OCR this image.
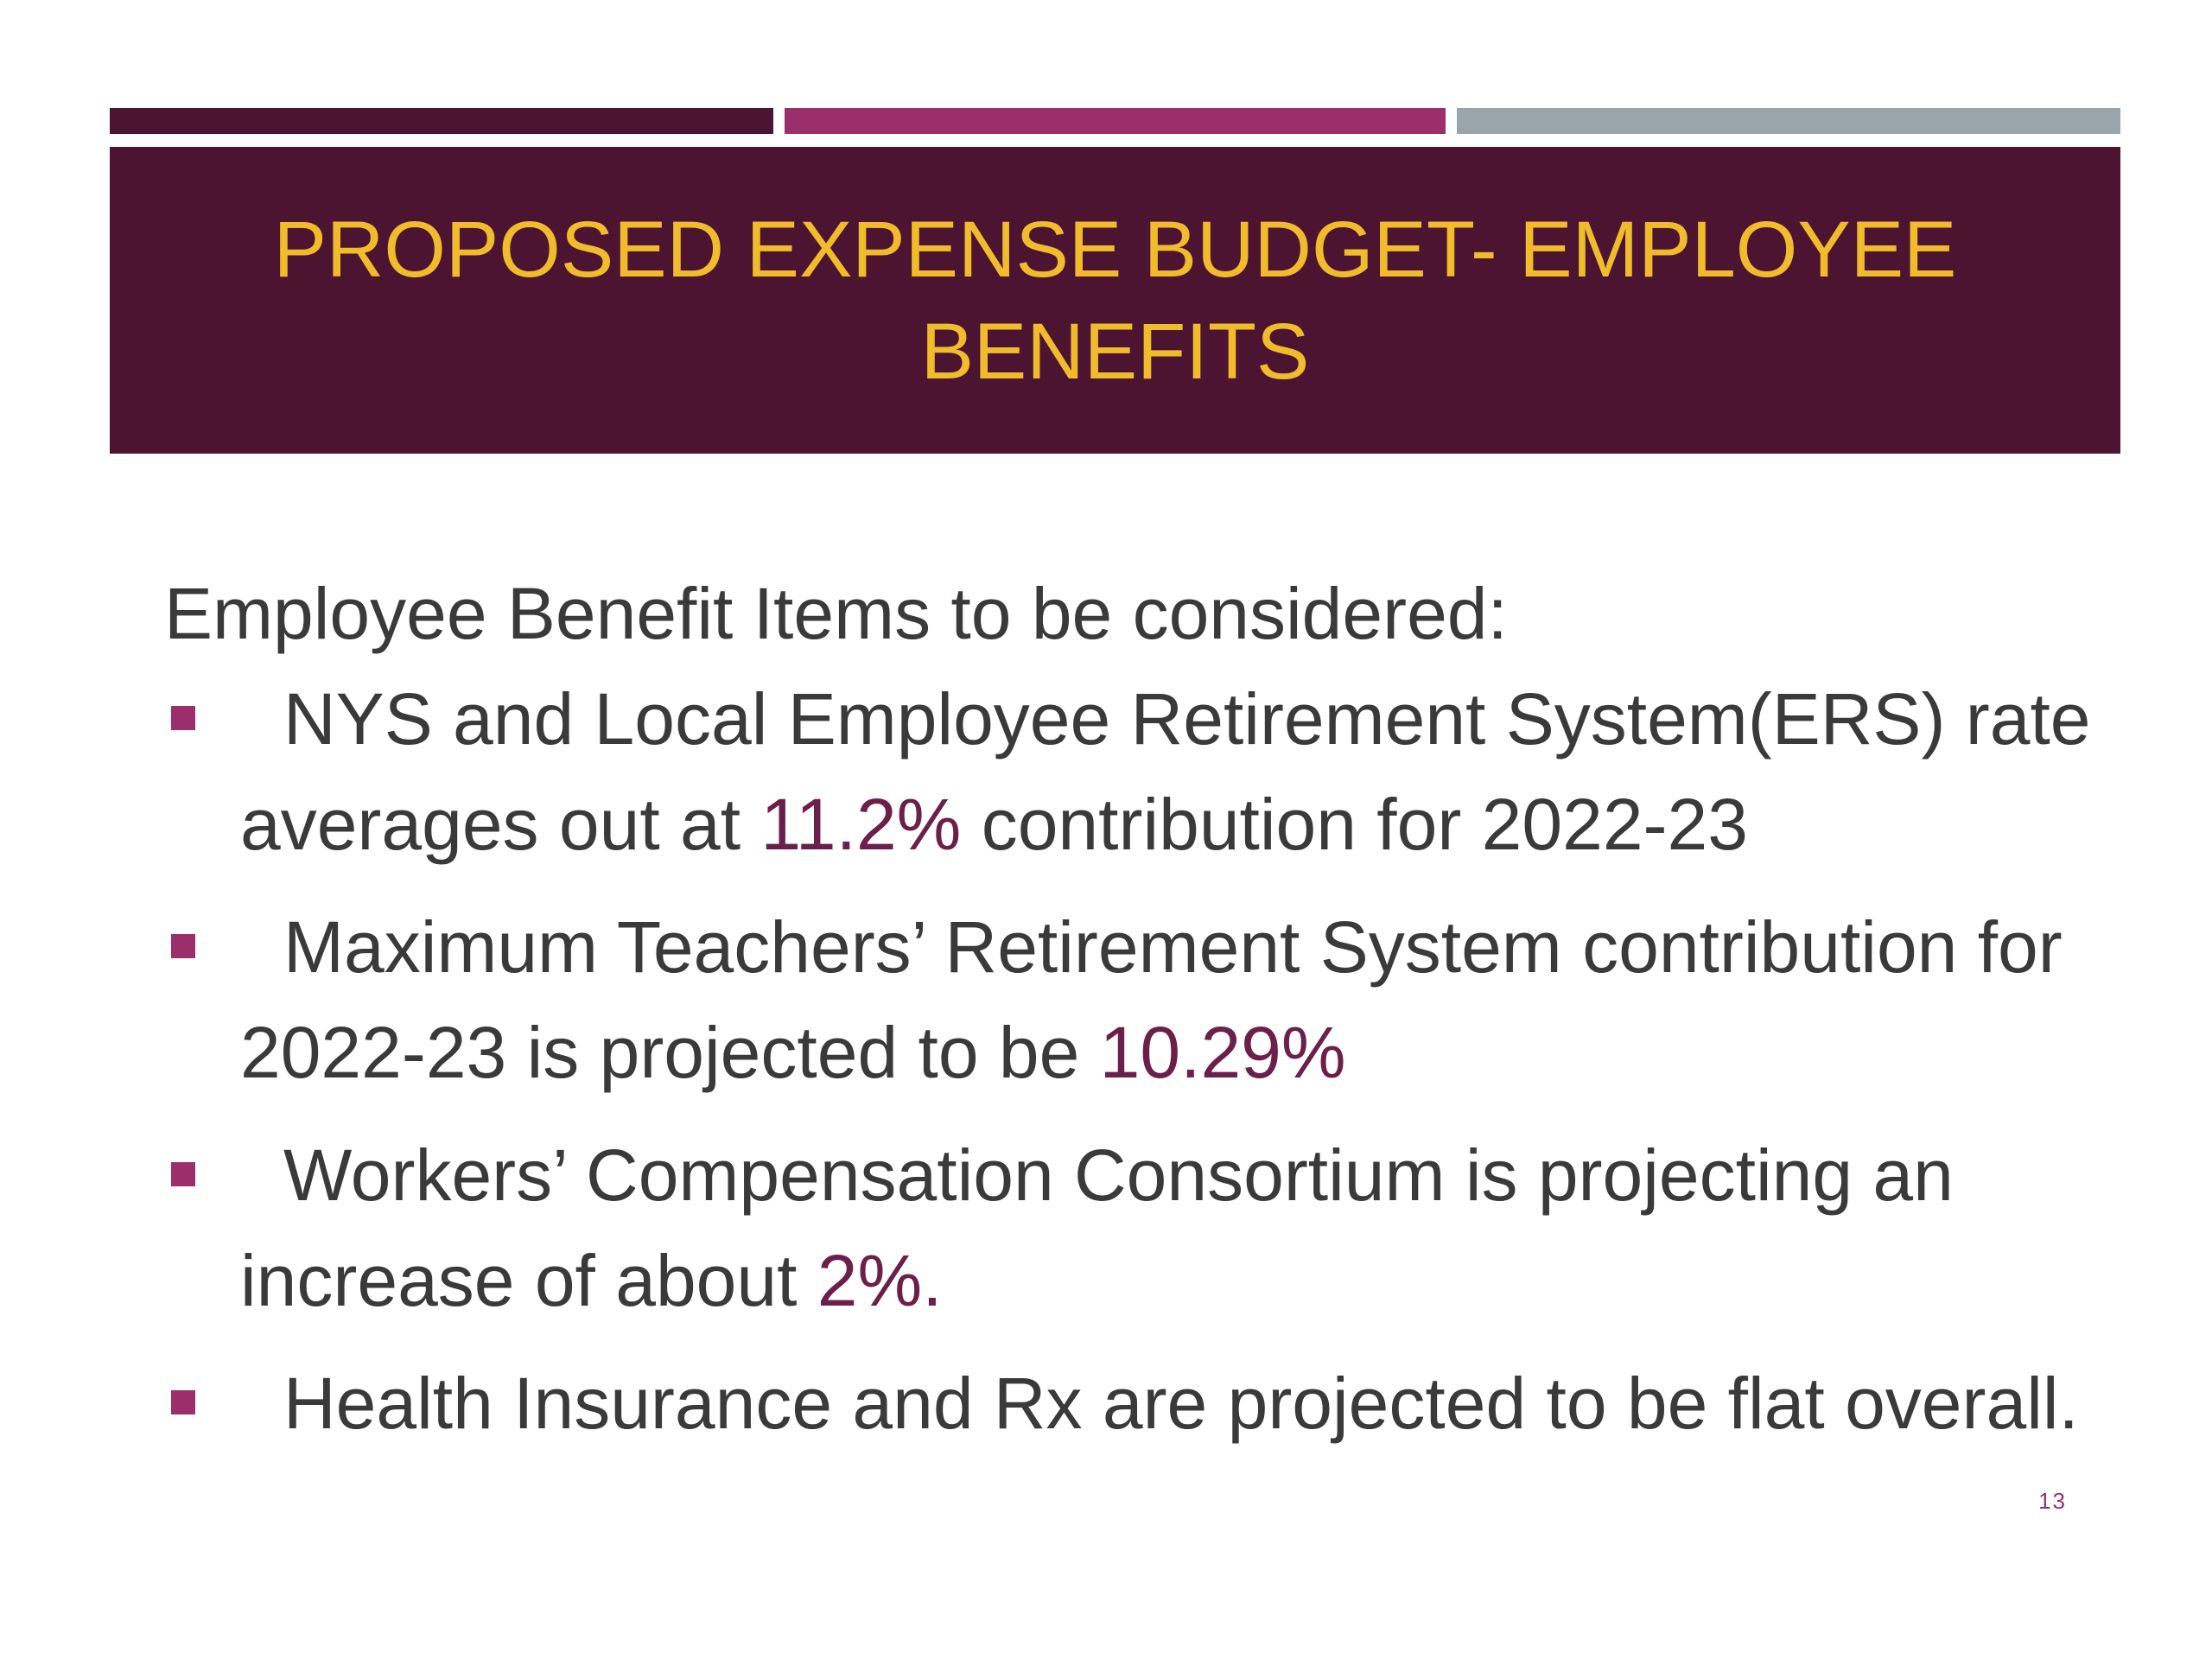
PROPOSED EXPENSE BUDGET- EMPLOYEE BENEFITS

Employee Benefit Items to be considered:

NYS and Local Employee Retirement System(ERS) rate averages out at 11.2% contribution for 2022-23
Maximum Teachers’ Retirement System contribution for 2022-23 is projected to be 10.29%
Workers’ Compensation Consortium is projecting an increase of about 2%.
Health Insurance and Rx are projected to be flat overall.
13
